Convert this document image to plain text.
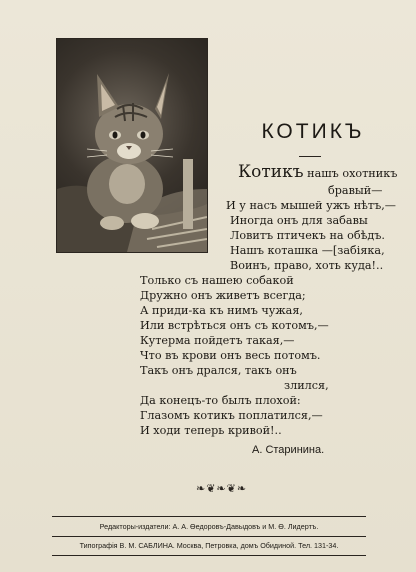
КОТИКЪ
Котикъ нашъ охотникъ
бравый—
И у насъ мышей ужъ нѣтъ,—
Иногда онъ для забавы
Ловитъ птичекъ на обѣдъ.
Нашъ коташка —[забіяка,
Воинъ, право, хоть куда!..
Только съ нашею собакой
Дружно онъ живетъ всегда;
А приди-ка къ нимъ чужая,
Или встрѣться онъ съ котомъ,—
Кутерма пойдетъ такая,—
Что въ крови онъ весь потомъ.
Такъ онъ дрался, такъ онъ
злился,
Да конецъ-то былъ плохой:
Глазомъ котикъ поплатился,—
И ходи теперь кривой!..
А. Старинина.
❧❦❧❦❧
Редакторы-издатели: А. А. Ѳедоровъ-Давыдовъ и М. Ѳ. Лидертъ.
Типографія В. М. САБЛИНА. Москва, Петровка, домъ Обидиной. Тел. 131-34.
